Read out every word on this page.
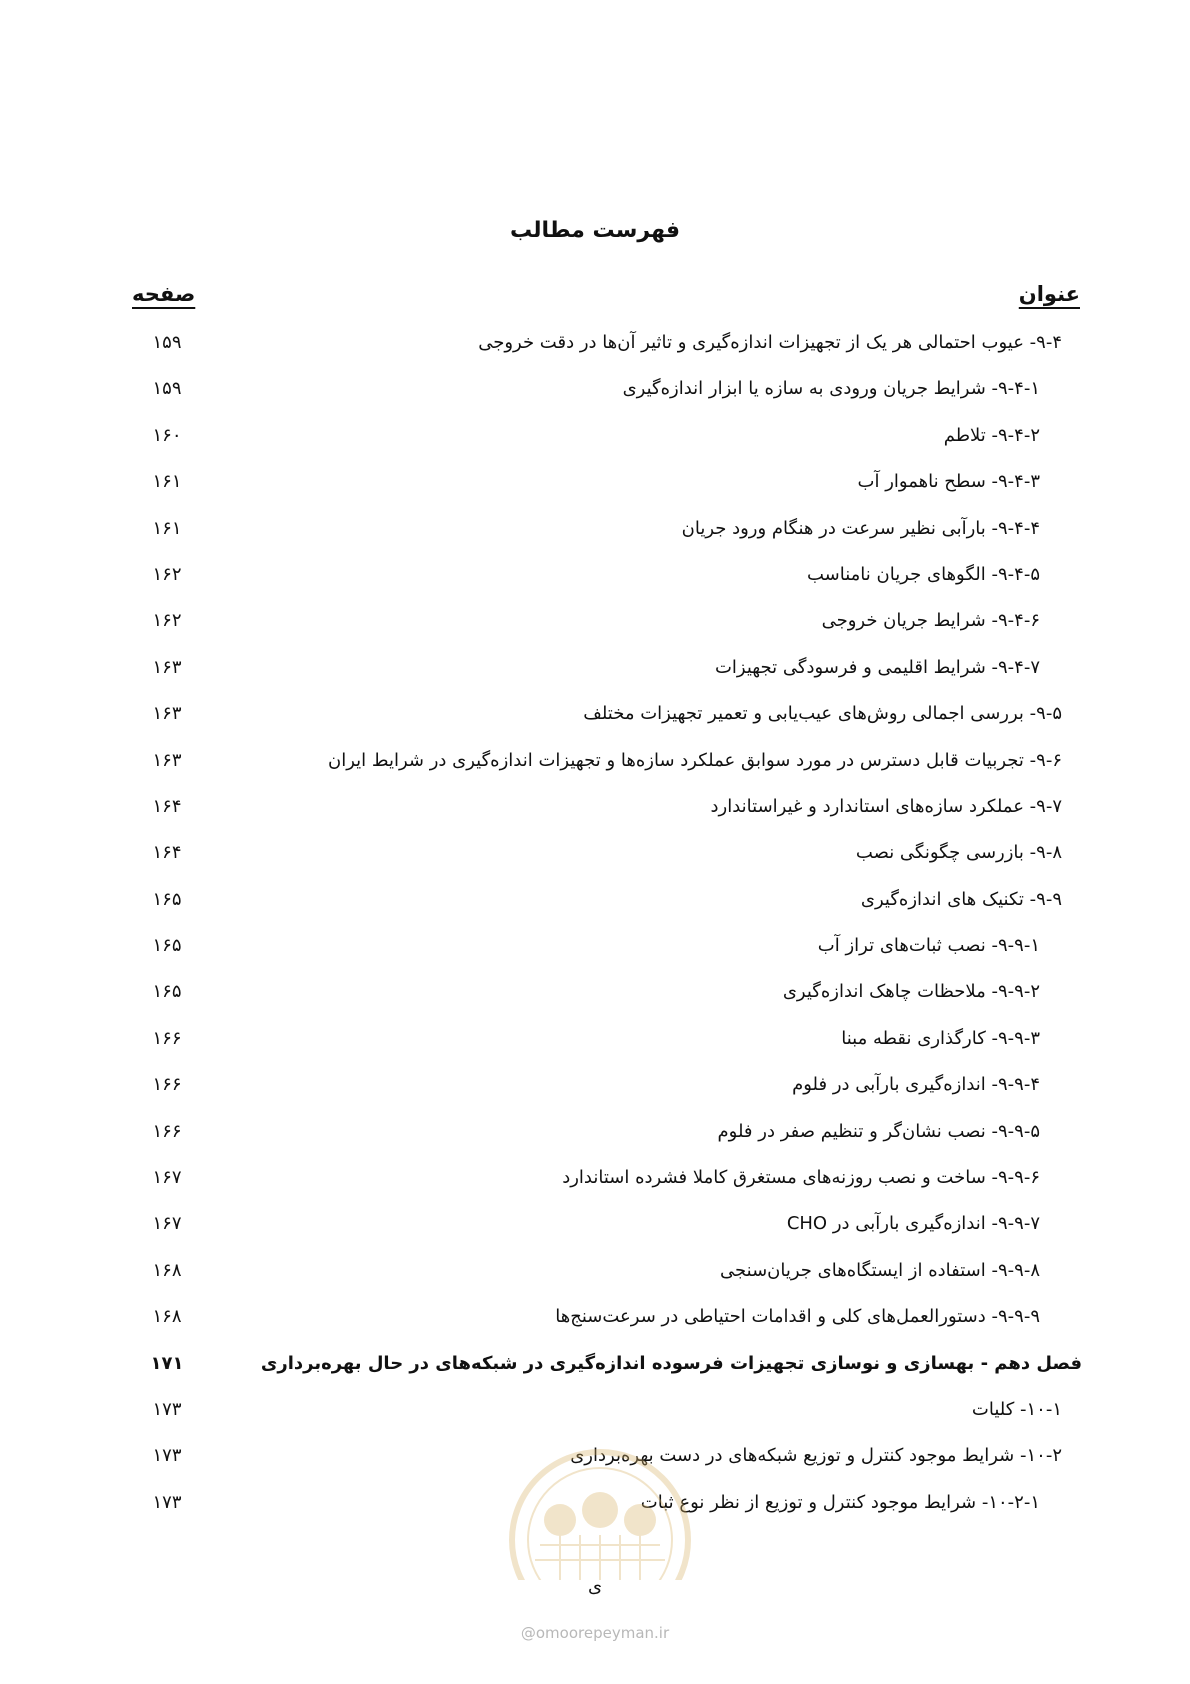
فهرست مطالب
عنوان
صفحه
۹-۴- عیوب احتمالی هر یک از تجهیزات اندازه‌گیری و تاثیر آن‌ها در دقت خروجی
۱۵۹
۹-۴-۱- شرایط جریان ورودی به سازه یا ابزار اندازه‌گیری
۱۵۹
۹-۴-۲- تلاطم
۱۶۰
۹-۴-۳- سطح ناهموار آب
۱۶۱
۹-۴-۴- بارآبی نظیر سرعت در هنگام ورود جریان
۱۶۱
۹-۴-۵- الگوهای جریان نامناسب
۱۶۲
۹-۴-۶- شرایط جریان خروجی
۱۶۲
۹-۴-۷- شرایط اقلیمی و فرسودگی تجهیزات
۱۶۳
۹-۵- بررسی اجمالی روش‌های عیب‌یابی و تعمیر تجهیزات مختلف
۱۶۳
۹-۶- تجربیات قابل دسترس در مورد سوابق عملکرد سازه‌ها و تجهیزات اندازه‌گیری در شرایط ایران
۱۶۳
۹-۷- عملکرد سازه‌های استاندارد و غیراستاندارد
۱۶۴
۹-۸- بازرسی چگونگی نصب
۱۶۴
۹-۹- تکنیک های اندازه‌گیری
۱۶۵
۹-۹-۱- نصب ثبات‌های تراز آب
۱۶۵
۹-۹-۲- ملاحظات چاهک اندازه‌گیری
۱۶۵
۹-۹-۳- کارگذاری نقطه مبنا
۱۶۶
۹-۹-۴- اندازه‌گیری بارآبی در فلوم
۱۶۶
۹-۹-۵- نصب نشان‌گر و تنظیم صفر در فلوم
۱۶۶
۹-۹-۶- ساخت و نصب روزنه‌های مستغرق کاملا فشرده استاندارد
۱۶۷
۹-۹-۷- اندازه‌گیری بارآبی در CHO
۱۶۷
۹-۹-۸- استفاده از ایستگاه‌های جریان‌سنجی
۱۶۸
۹-۹-۹- دستورالعمل‌های کلی و اقدامات احتیاطی در سرعت‌سنج‌ها
۱۶۸
فصل دهم - بهسازی و نوسازی تجهیزات فرسوده اندازه‌گیری در شبکه‌های در حال بهره‌برداری
۱۷۱
۱۰-۱- کلیات
۱۷۳
۱۰-۲- شرایط موجود کنترل و توزیع شبکه‌های در دست بهره‌برداری
۱۷۳
۱۰-۲-۱- شرایط موجود کنترل و توزیع از نظر نوع ثبات
۱۷۳
ی
@omoorepeyman.ir
